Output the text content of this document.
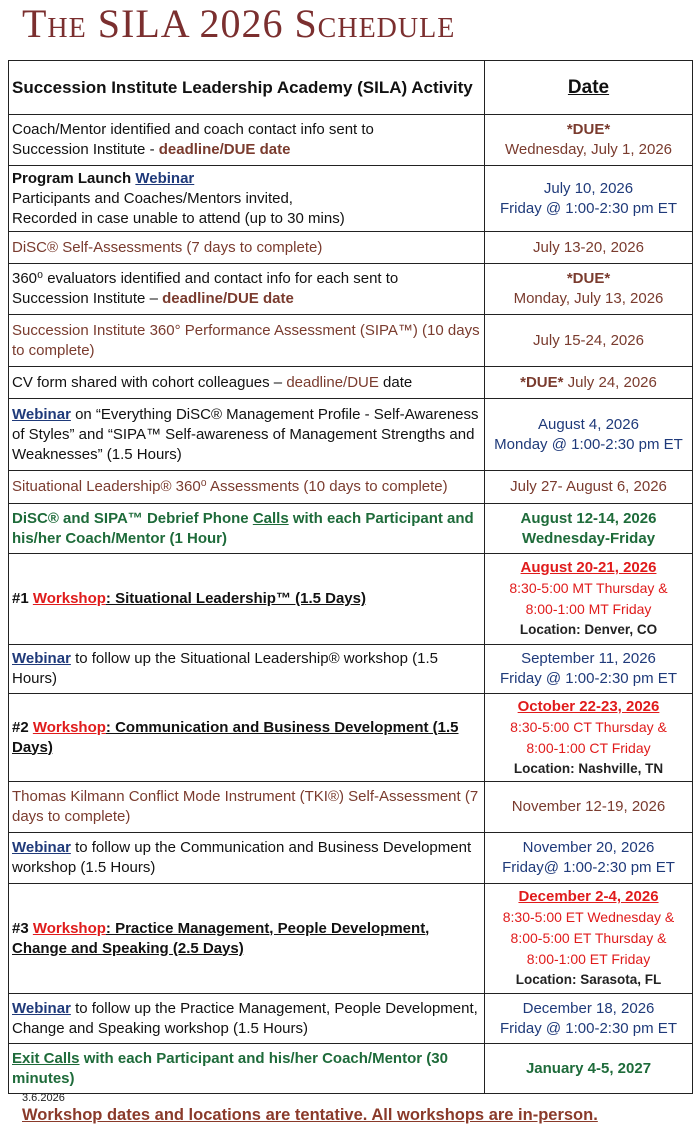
The SILA 2026 Schedule
Succession Institute Leadership Academy (SILA) Activity	Date
Coach/Mentor identified and coach contact info sent to
Succession Institute - deadline/DUE date	*DUE*
Wednesday, July 1, 2026
Program Launch Webinar
Participants and Coaches/Mentors invited,
Recorded in case unable to attend (up to 30 mins)	July 10, 2026
Friday @ 1:00-2:30 pm ET
DiSC® Self-Assessments (7 days to complete)	July 13-20, 2026
360⁰ evaluators identified and contact info for each sent to
Succession Institute – deadline/DUE date	*DUE*
Monday, July 13, 2026
Succession Institute 360° Performance Assessment (SIPA™) (10 days to complete)	July 15-24, 2026
CV form shared with cohort colleagues – deadline/DUE date	*DUE* July 24, 2026
Webinar on “Everything DiSC® Management Profile - Self-Awareness of Styles” and “SIPA™ Self-awareness of Management Strengths and Weaknesses” (1.5 Hours)	August 4, 2026
Monday @ 1:00-2:30 pm ET
Situational Leadership® 360⁰ Assessments (10 days to complete)	July 27- August 6, 2026
DiSC® and SIPA™ Debrief Phone Calls with each Participant and his/her Coach/Mentor (1 Hour)	August 12-14, 2026
Wednesday-Friday
#1 Workshop: Situational Leadership™ (1.5 Days)	August 20-21, 2026
8:30-5:00 MT Thursday &
8:00-1:00 MT Friday
Location: Denver, CO
Webinar to follow up the Situational Leadership® workshop (1.5 Hours)	September 11, 2026
Friday @ 1:00-2:30 pm ET
#2 Workshop: Communication and Business Development (1.5 Days)	October 22-23, 2026
8:30-5:00 CT Thursday &
8:00-1:00 CT Friday
Location: Nashville, TN
Thomas Kilmann Conflict Mode Instrument (TKI®) Self-Assessment (7 days to complete)	November 12-19, 2026
Webinar to follow up the Communication and Business Development workshop (1.5 Hours)	November 20, 2026
Friday@ 1:00-2:30 pm ET
#3 Workshop: Practice Management, People Development, Change and Speaking (2.5 Days)	December 2-4, 2026
8:30-5:00 ET Wednesday &
8:00-5:00 ET Thursday &
8:00-1:00 ET Friday
Location: Sarasota, FL
Webinar to follow up the Practice Management, People Development, Change and Speaking workshop (1.5 Hours)	December 18, 2026
Friday @ 1:00-2:30 pm ET
Exit Calls with each Participant and his/her Coach/Mentor (30 minutes)	January 4-5, 2027
3.6.2026
Workshop dates and locations are tentative. All workshops are in-person.
